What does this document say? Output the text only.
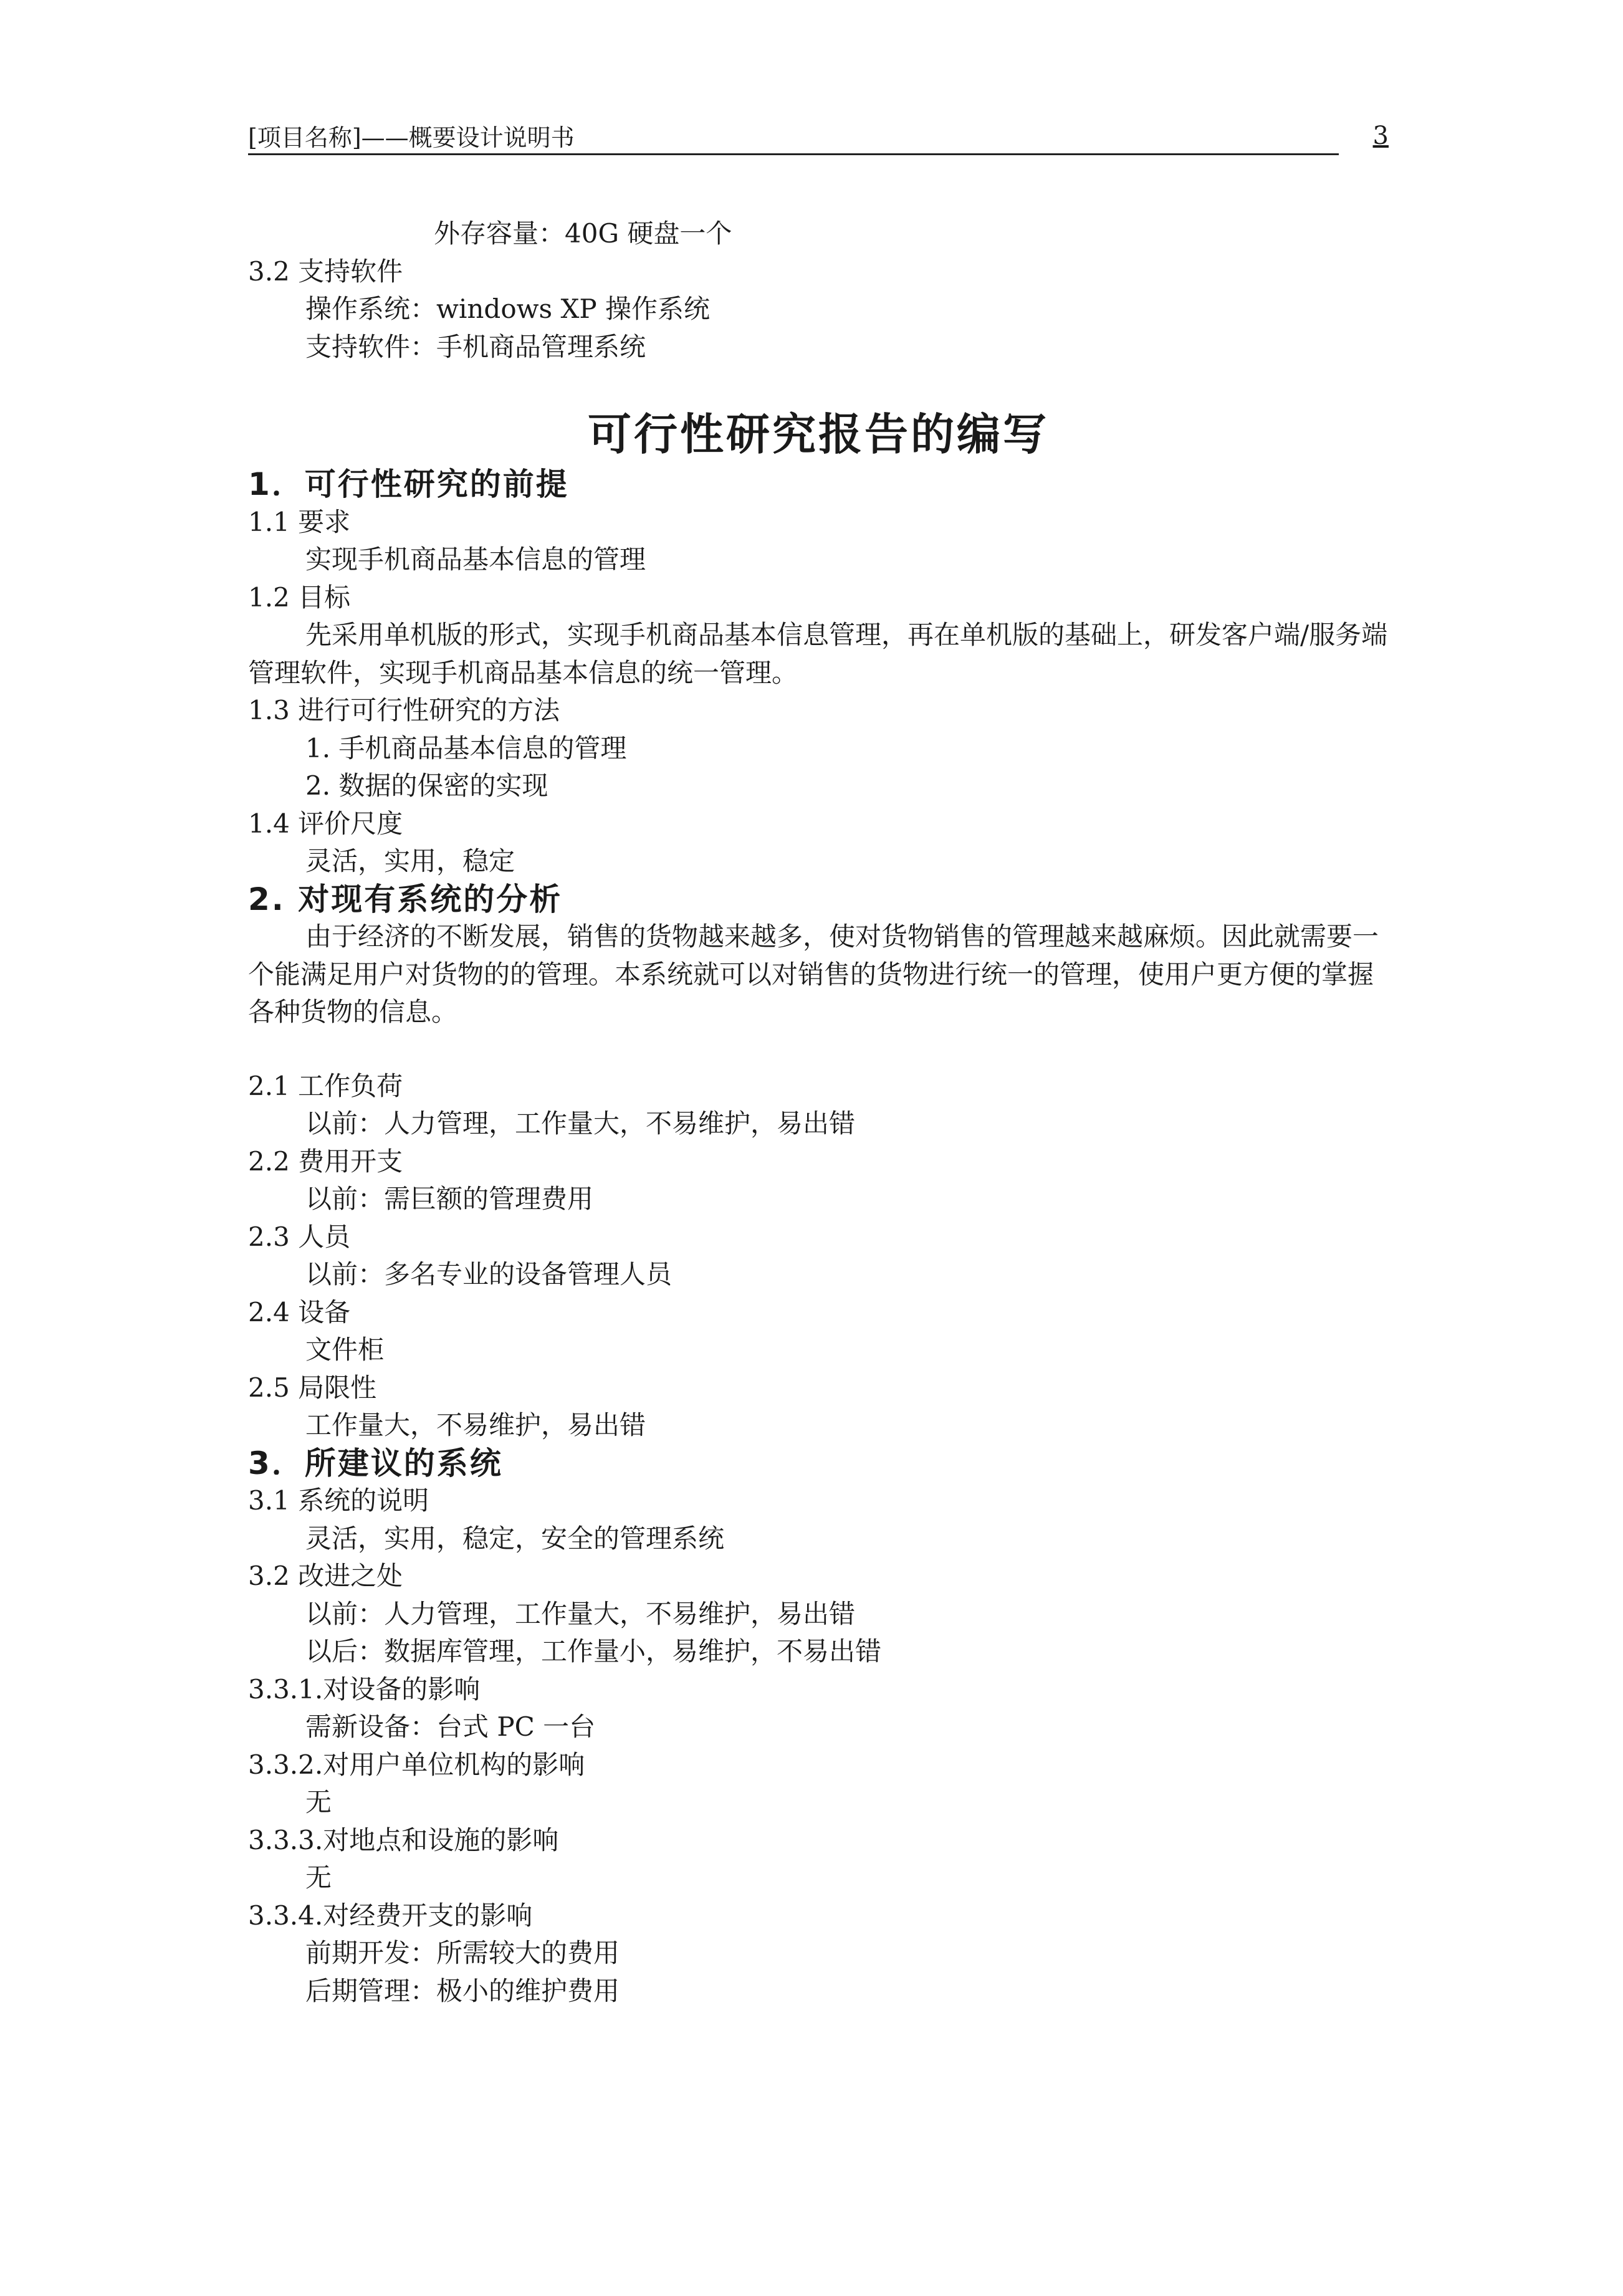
[项目名称]——概要设计说明书	3
外存容量：40G 硬盘一个
3.2 支持软件
操作系统：windows XP 操作系统
支持软件：手机商品管理系统
可行性研究报告的编写
1．可行性研究的前提
1.1 要求
实现手机商品基本信息的管理
1.2 目标
先采用单机版的形式，实现手机商品基本信息管理，再在单机版的基础上，研发客户端/服务端管理软件，实现手机商品基本信息的统一管理。
1.3 进行可行性研究的方法
1. 手机商品基本信息的管理
2. 数据的保密的实现
1.4 评价尺度
灵活，实用，稳定
2. 对现有系统的分析
由于经济的不断发展，销售的货物越来越多，使对货物销售的管理越来越麻烦。因此就需要一个能满足用户对货物的的管理。本系统就可以对销售的货物进行统一的管理，使用户更方便的掌握各种货物的信息。
2.1 工作负荷
以前：人力管理，工作量大，不易维护，易出错
2.2 费用开支
以前：需巨额的管理费用
2.3 人员
以前：多名专业的设备管理人员
2.4 设备
文件柜
2.5 局限性
工作量大，不易维护，易出错
3．所建议的系统
3.1 系统的说明
灵活，实用，稳定，安全的管理系统
3.2 改进之处
以前：人力管理，工作量大，不易维护，易出错
以后：数据库管理，工作量小，易维护，不易出错
3.3.1.对设备的影响
需新设备：台式 PC 一台
3.3.2.对用户单位机构的影响
无
3.3.3.对地点和设施的影响
无
3.3.4.对经费开支的影响
前期开发：所需较大的费用
后期管理：极小的维护费用
